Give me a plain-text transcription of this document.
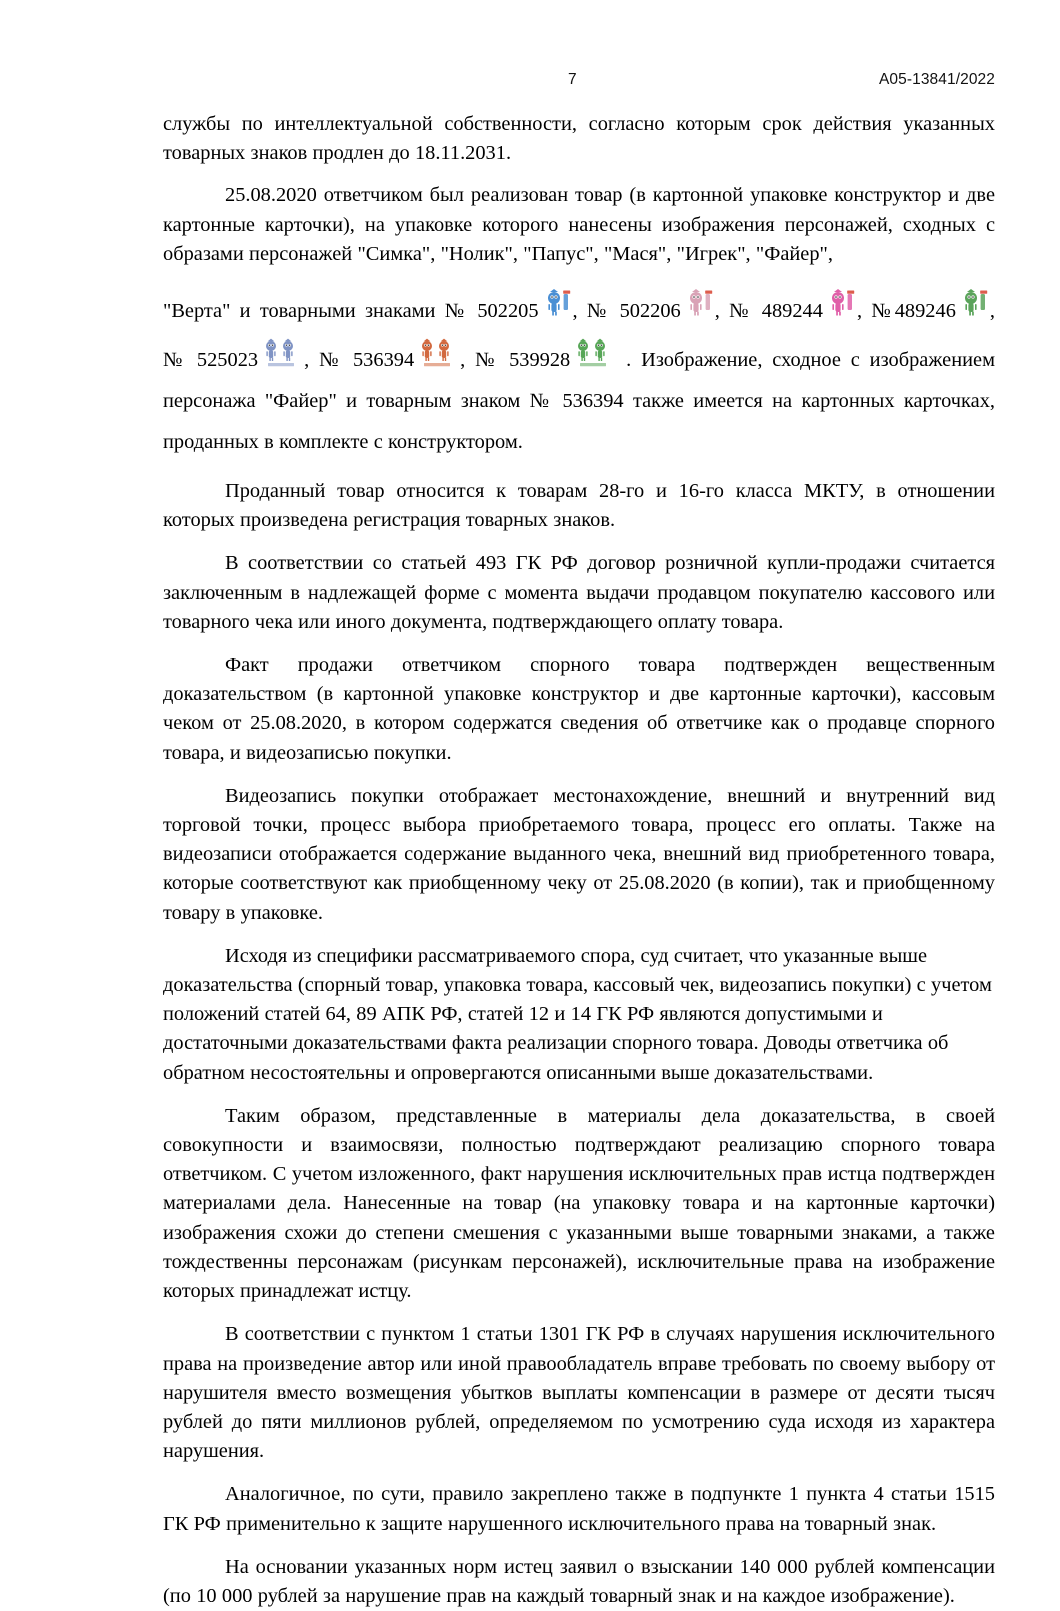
7	A05-13841/2022

службы по интеллектуальной собственности, согласно которым срок действия указанных товарных знаков продлен до 18.11.2031.

25.08.2020 ответчиком был реализован товар (в картонной упаковке конструктор и две картонные карточки), на упаковке которого нанесены изображения персонажей, сходных с образами персонажей "Симка", "Нолик", "Папус", "Мася", "Игрек", "Файер",

"Верта" и товарными знаками № 502205 , № 502206 , № 489244 , №489246 , № 525023 , № 536394 , № 539928
. Изображение, сходное с изображением персонажа "Файер" и товарным знаком № 536394 также имеется на картонных карточках, проданных в комплекте с конструктором.

Проданный товар относится к товарам 28-го и 16-го класса МКТУ, в отношении которых произведена регистрация товарных знаков.

В соответствии со статьей 493 ГК РФ договор розничной купли-продажи считается заключенным в надлежащей форме с момента выдачи продавцом покупателю кассового или товарного чека или иного документа, подтверждающего оплату товара.

Факт продажи ответчиком спорного товара подтвержден вещественным доказательством (в картонной упаковке конструктор и две картонные карточки), кассовым чеком от 25.08.2020, в котором содержатся сведения об ответчике как о продавце спорного товара, и видеозаписью покупки.

Видеозапись покупки отображает местонахождение, внешний и внутренний вид торговой точки, процесс выбора приобретаемого товара, процесс его оплаты. Также на видеозаписи отображается содержание выданного чека, внешний вид приобретенного товара, которые соответствуют как приобщенному чеку от 25.08.2020 (в копии), так и приобщенному товару в упаковке.

Исходя из специфики рассматриваемого спора, суд считает, что указанные выше доказательства (спорный товар, упаковка товара, кассовый чек, видеозапись покупки) с учетом положений статей 64, 89 АПК РФ, статей 12 и 14 ГК РФ являются допустимыми и достаточными доказательствами факта реализации спорного товара. Доводы ответчика об обратном несостоятельны и опровергаются описанными выше доказательствами.

Таким образом, представленные в материалы дела доказательства, в своей совокупности и взаимосвязи, полностью подтверждают реализацию спорного товара ответчиком. С учетом изложенного, факт нарушения исключительных прав истца подтвержден материалами дела. Нанесенные на товар (на упаковку товара и на картонные карточки) изображения схожи до степени смешения с указанными выше товарными знаками, а также тождественны персонажам (рисункам персонажей), исключительные права на изображение которых принадлежат истцу.

В соответствии с пунктом 1 статьи 1301 ГК РФ в случаях нарушения исключительного права на произведение автор или иной правообладатель вправе требовать по своему выбору от нарушителя вместо возмещения убытков выплаты компенсации в размере от десяти тысяч рублей до пяти миллионов рублей, определяемом по усмотрению суда исходя из характера нарушения.

Аналогичное, по сути, правило закреплено также в подпункте 1 пункта 4 статьи 1515 ГК РФ применительно к защите нарушенного исключительного права на товарный знак.

На основании указанных норм истец заявил о взыскании 140 000 рублей компенсации (по 10 000 рублей за нарушение прав на каждый товарный знак и на каждое изображение).
